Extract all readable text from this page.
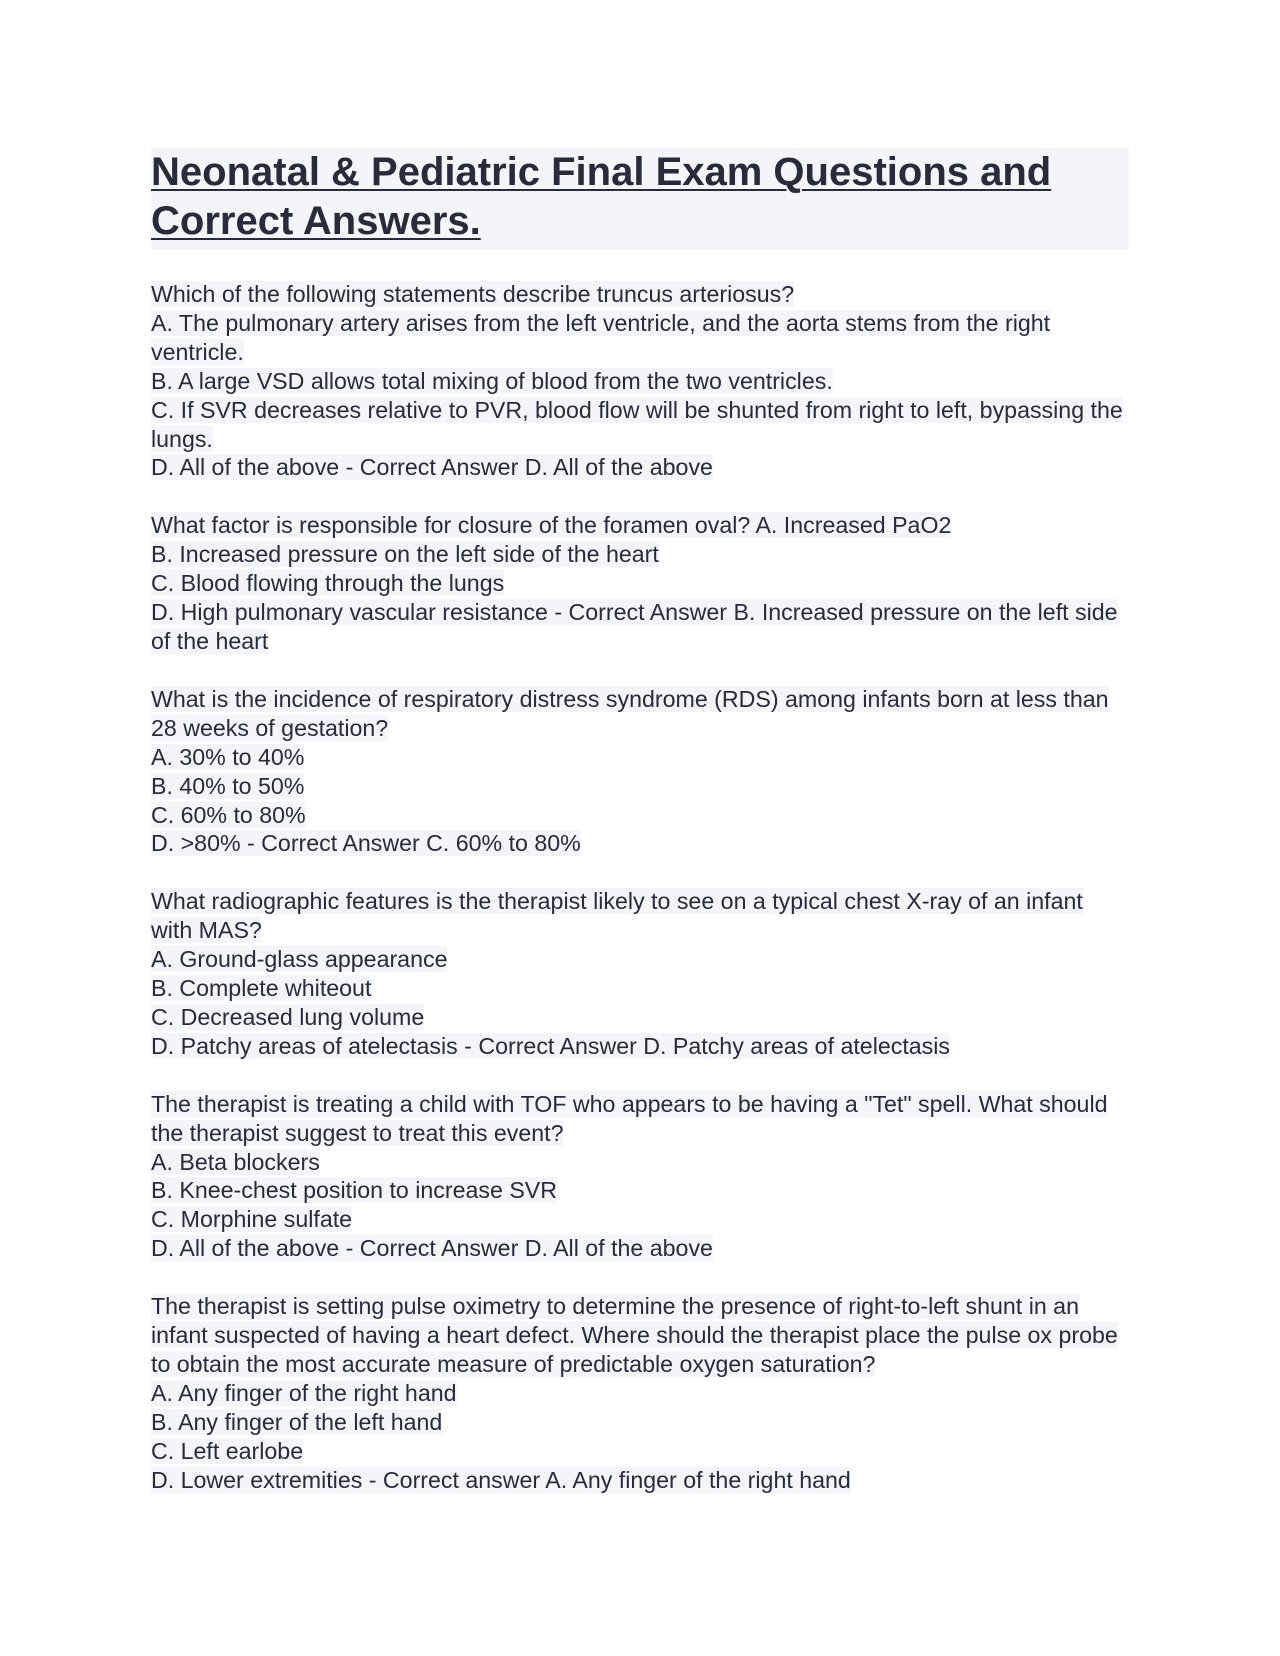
Neonatal & Pediatric Final Exam Questions and Correct Answers.
Which of the following statements describe truncus arteriosus?
A. The pulmonary artery arises from the left ventricle, and the aorta stems from the right ventricle.
B. A large VSD allows total mixing of blood from the two ventricles.
C. If SVR decreases relative to PVR, blood flow will be shunted from right to left, bypassing the lungs.
D. All of the above - Correct Answer D. All of the above
What factor is responsible for closure of the foramen oval? A. Increased PaO2
B. Increased pressure on the left side of the heart
C. Blood flowing through the lungs
D. High pulmonary vascular resistance - Correct Answer B. Increased pressure on the left side of the heart
What is the incidence of respiratory distress syndrome (RDS) among infants born at less than 28 weeks of gestation?
A. 30% to 40%
B. 40% to 50%
C. 60% to 80%
D. >80% - Correct Answer C. 60% to 80%
What radiographic features is the therapist likely to see on a typical chest X-ray of an infant with MAS?
A. Ground-glass appearance
B. Complete whiteout
C. Decreased lung volume
D. Patchy areas of atelectasis - Correct Answer D. Patchy areas of atelectasis
The therapist is treating a child with TOF who appears to be having a "Tet" spell. What should the therapist suggest to treat this event?
A. Beta blockers
B. Knee-chest position to increase SVR
C. Morphine sulfate
D. All of the above - Correct Answer D. All of the above
The therapist is setting pulse oximetry to determine the presence of right-to-left shunt in an infant suspected of having a heart defect. Where should the therapist place the pulse ox probe to obtain the most accurate measure of predictable oxygen saturation?
A. Any finger of the right hand
B. Any finger of the left hand
C. Left earlobe
D. Lower extremities - Correct answer A. Any finger of the right hand
